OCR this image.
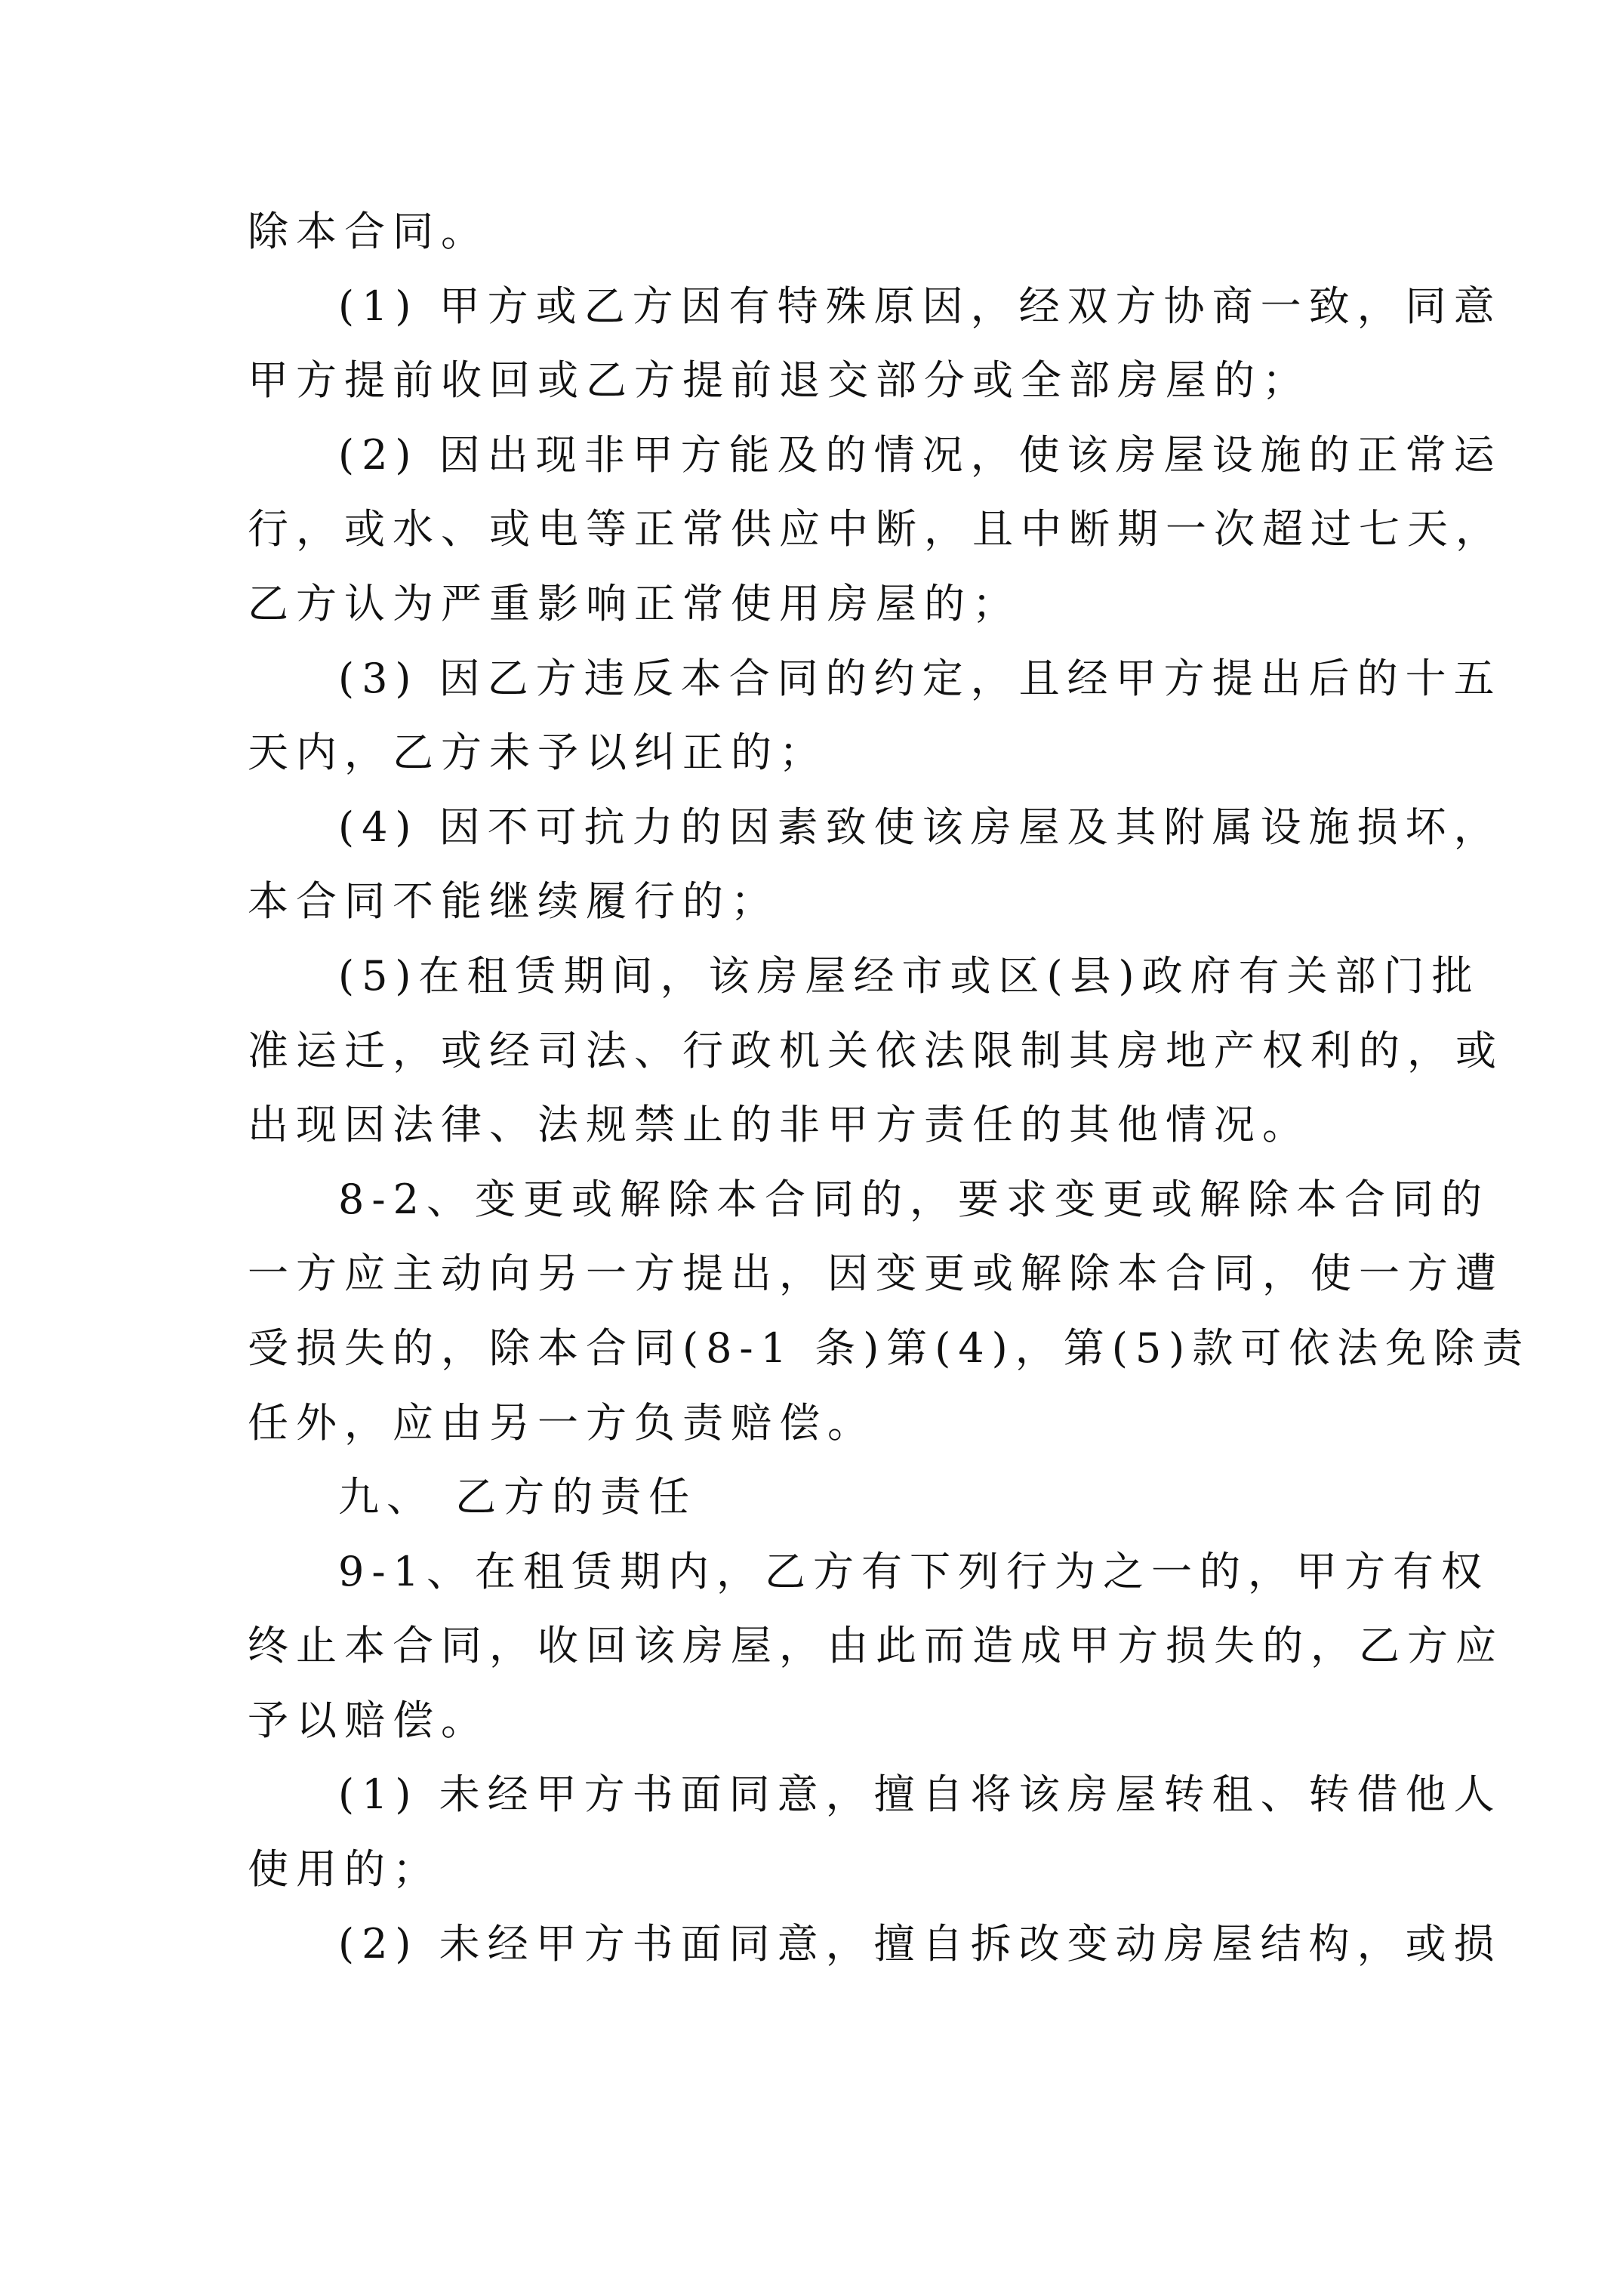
除本合同。
(1) 甲方或乙方因有特殊原因，经双方协商一致，同意
甲方提前收回或乙方提前退交部分或全部房屋的；
(2) 因出现非甲方能及的情况，使该房屋设施的正常运
行，或水、或电等正常供应中断，且中断期一次超过七天，
乙方认为严重影响正常使用房屋的；
(3) 因乙方违反本合同的约定，且经甲方提出后的十五
天内，乙方未予以纠正的；
(4) 因不可抗力的因素致使该房屋及其附属设施损坏，
本合同不能继续履行的；
(5)在租赁期间，该房屋经市或区(县)政府有关部门批
准运迁，或经司法、行政机关依法限制其房地产权利的，或
出现因法律、法规禁止的非甲方责任的其他情况。
8-2、变更或解除本合同的，要求变更或解除本合同的
一方应主动向另一方提出，因变更或解除本合同，使一方遭
受损失的，除本合同(8-1 条)第(4)，第(5)款可依法免除责
任外，应由另一方负责赔偿。
九、 乙方的责任
9-1、在租赁期内，乙方有下列行为之一的，甲方有权
终止本合同，收回该房屋，由此而造成甲方损失的，乙方应
予以赔偿。
(1) 未经甲方书面同意，擅自将该房屋转租、转借他人
使用的；
(2) 未经甲方书面同意，擅自拆改变动房屋结构，或损
